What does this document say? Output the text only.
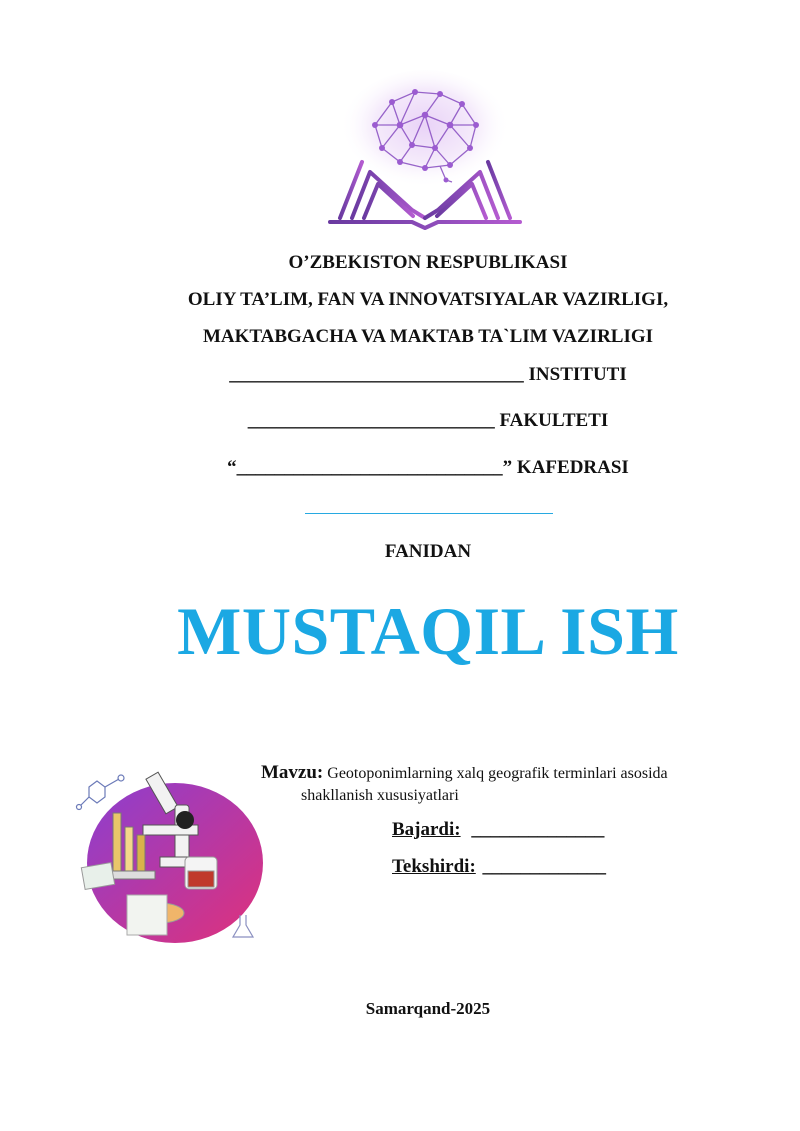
O’ZBEKISTON RESPUBLIKASI
OLIY TA’LIM, FAN VA INNOVATSIYALAR VAZIRLIGI,
MAKTABGACHA VA MAKTAB TA`LIM VAZIRLIGI
_______________________________ INSTITUTI
__________________________ FAKULTETI
“____________________________” KAFEDRASI
FANIDAN
MUSTAQIL ISH
Mavzu: Geotoponimlarning xalq geografik terminlari asosida
shakllanish xususiyatlari
Bajardi: ______________
Tekshirdi: _____________
Samarqand-2025
